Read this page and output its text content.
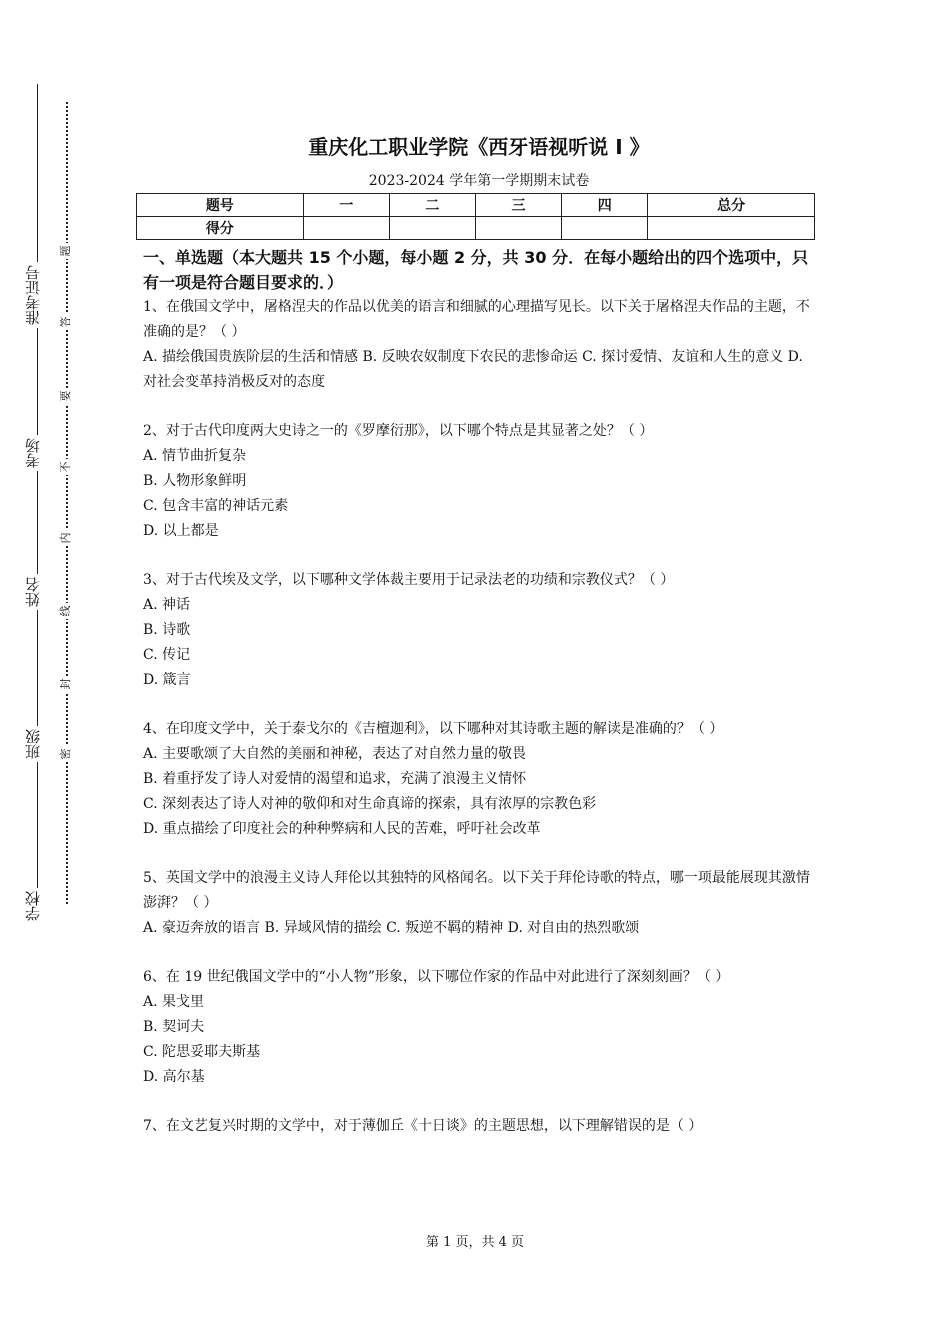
学校
班级
姓名
考场
准考证号
题
答
要
不
内
线
封
密
重庆化工职业学院《西牙语视听说 I 》
2023-2024 学年第一学期期末试卷
题号	一	二	三	四	总分
得分					
一、单选题（本大题共 15 个小题，每小题 2 分，共 30 分．在每小题给出的四个选项中，只有一项是符合题目要求的．）

1、在俄国文学中，屠格涅夫的作品以优美的语言和细腻的心理描写见长。以下关于屠格涅夫作品的主题，不准确的是？（ ）

A. 描绘俄国贵族阶层的生活和情感 B. 反映农奴制度下农民的悲惨命运 C. 探讨爱情、友谊和人生的意义 D. 对社会变革持消极反对的态度

2、对于古代印度两大史诗之一的《罗摩衍那》，以下哪个特点是其显著之处？（ ）

A. 情节曲折复杂

B. 人物形象鲜明

C. 包含丰富的神话元素

D. 以上都是

3、对于古代埃及文学，以下哪种文学体裁主要用于记录法老的功绩和宗教仪式？（ ）

A. 神话

B. 诗歌

C. 传记

D. 箴言

4、在印度文学中，关于泰戈尔的《吉檀迦利》，以下哪种对其诗歌主题的解读是准确的？（ ）

A. 主要歌颂了大自然的美丽和神秘，表达了对自然力量的敬畏

B. 着重抒发了诗人对爱情的渴望和追求，充满了浪漫主义情怀

C. 深刻表达了诗人对神的敬仰和对生命真谛的探索，具有浓厚的宗教色彩

D. 重点描绘了印度社会的种种弊病和人民的苦难，呼吁社会改革

5、英国文学中的浪漫主义诗人拜伦以其独特的风格闻名。以下关于拜伦诗歌的特点，哪一项最能展现其激情澎湃？（ ）

A. 豪迈奔放的语言 B. 异域风情的描绘 C. 叛逆不羁的精神 D. 对自由的热烈歌颂

6、在 19 世纪俄国文学中的“小人物”形象，以下哪位作家的作品中对此进行了深刻刻画？（ ）

A. 果戈里

B. 契诃夫

C. 陀思妥耶夫斯基

D. 高尔基

7、在文艺复兴时期的文学中，对于薄伽丘《十日谈》的主题思想，以下理解错误的是（ ）

第 1 页，共 4 页
